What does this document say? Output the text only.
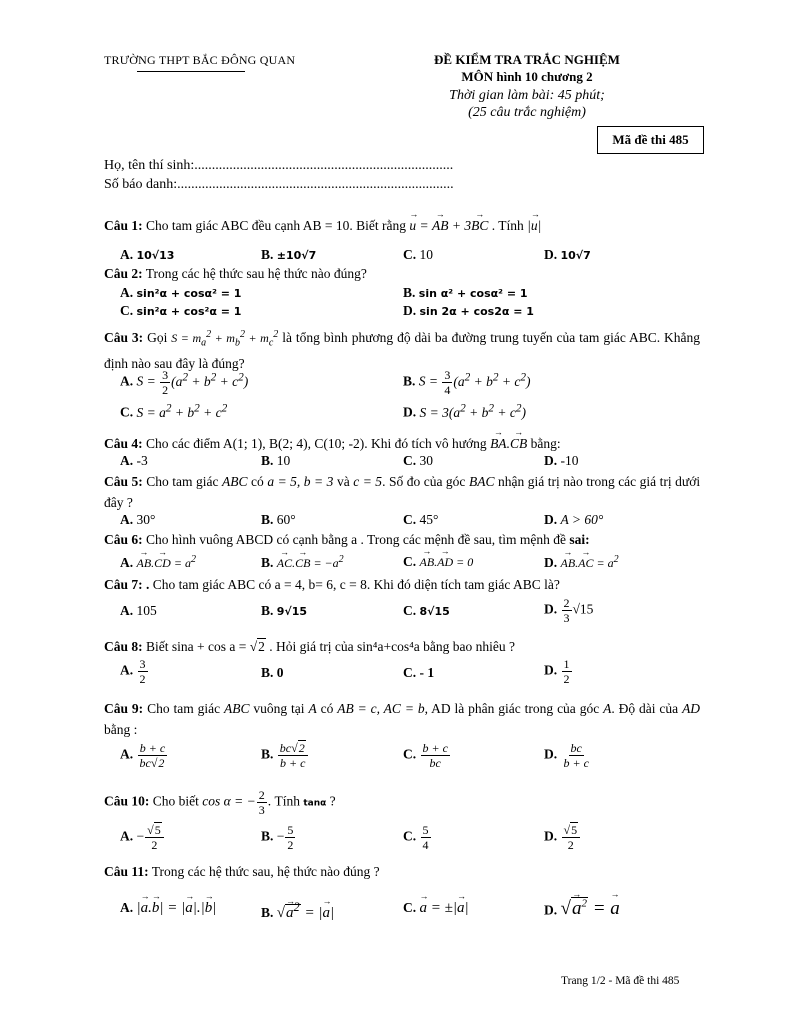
TRƯỜNG THPT BẮC ĐÔNG QUAN	ĐỀ KIỂM TRA TRẮC NGHIỆM
MÔN hình 10 chương 2
Thời gian làm bài: 45 phút;
(25 câu trắc nghiệm)
Mã đề thi 485
Họ, tên thí sinh:..........................................................................
Số báo danh:...............................................................................
Câu 1: Cho tam giác ABC đều cạnh AB = 10. Biết rằng → u = → AB + 3→ BC . Tính |→ u|
A. 10√13	B. ±10√7	C. 10	D. 10√7
Câu 2: Trong các hệ thức sau hệ thức nào đúng?
A. sin²α + cosα² = 1	B. sin α² + cosα² = 1
C. sin²α + cos²α = 1	D. sin 2α + cos2α = 1
Câu 3: Gọi $S = m_a^2 + m_b^2 + m_c^2$ là tổng bình phương độ dài ba đường trung tuyến của tam giác ABC. Khẳng định nào sau đây là đúng?
A. $S = \frac{3}{2} (a^2 + b^2 + c^2)$	B. $S = \frac{3}{4} (a^2 + b^2 + c^2)$
C. $S = a^2 + b^2 + c^2$	D. $S = 3(a^2 + b^2 + c^2)$
Câu 4: Cho các điểm A(1; 1), B(2; 4), C(10; -2). Khi đó tích vô hướng → BA.→ CB bằng:
A. -3	B. 10	C. 30	D. -10
Câu 5: Cho tam giác ABC có a = 5, b = 3 và c = 5. Số đo của góc BAC nhận giá trị nào trong các giá trị dưới đây ?
A. 30°	B. 60°	C. 45°	D. A > 60°
Câu 6: Cho hình vuông ABCD có cạnh bằng a . Trong các mệnh đề sau, tìm mệnh đề sai:
A. → AB.→ CD = $a^2$	B. → AC.→ CB = $-a^2$	C. → AB.→ AD = 0	D. → AB.→ AC = $a^2$
Câu 7: . Cho tam giác ABC có a = 4, b= 6, c = 8. Khi đó diện tích tam giác ABC là?
A. 105	B. 9√15	C. 8√15	D. $\frac{2}{3} √15$
Câu 8: Biết sina + cos a = √2 . Hỏi giá trị của sin⁴a+cos⁴a bằng bao nhiêu ?
A. $\frac{3}{2}$	B. 0	C. - 1	D. $\frac{1}{2}$
Câu 9: Cho tam giác ABC vuông tại A có AB = c, AC = b, AD là phân giác trong của góc A. Độ dài của AD bằng :
A. $\frac{b + c}{bc√2}$	B. $\frac{bc√2}{b + c}$	C. $\frac{b + c}{bc}$	D. $\frac{bc}{b + c}$
Câu 10: Cho biết cos α = − $\frac{2}{3}$ . Tính tanα ?
A. − $\frac{√5}{2}$	B. − $\frac{5}{2}$	C. $\frac{5}{4}$	D. $\frac{√5}{2}$
Câu 11: Trong các hệ thức sau, hệ thức nào đúng ?
A. |→ a.→ b| = |→ a|.|→ b|	B. √→ $a^2$ = |→ a|	C. → a = ±|→ a|	D. √→ $a^2$ = → a
Trang 1/2 - Mã đề thi 485
